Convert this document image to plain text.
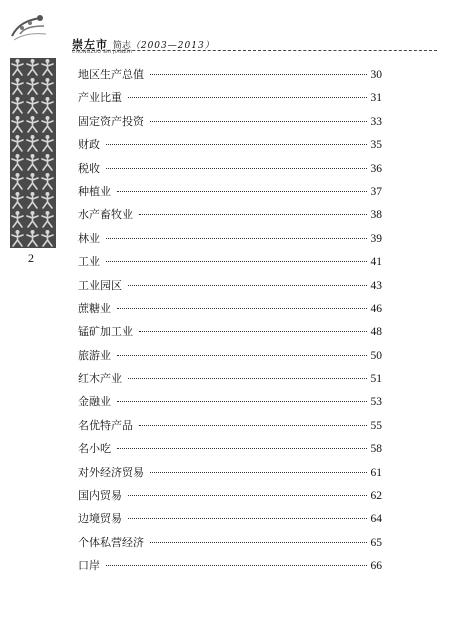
崇左市 简志（2003—2013）
CHONGZUO SHI JIANZHI
2
地区生产总值	30
产业比重	31
固定资产投资	33
财政	35
税收	36
种植业	37
水产畜牧业	38
林业	39
工业	41
工业园区	43
蔗糖业	46
锰矿加工业	48
旅游业	50
红木产业	51
金融业	53
名优特产品	55
名小吃	58
对外经济贸易	61
国内贸易	62
边境贸易	64
个体私营经济	65
口岸	66
